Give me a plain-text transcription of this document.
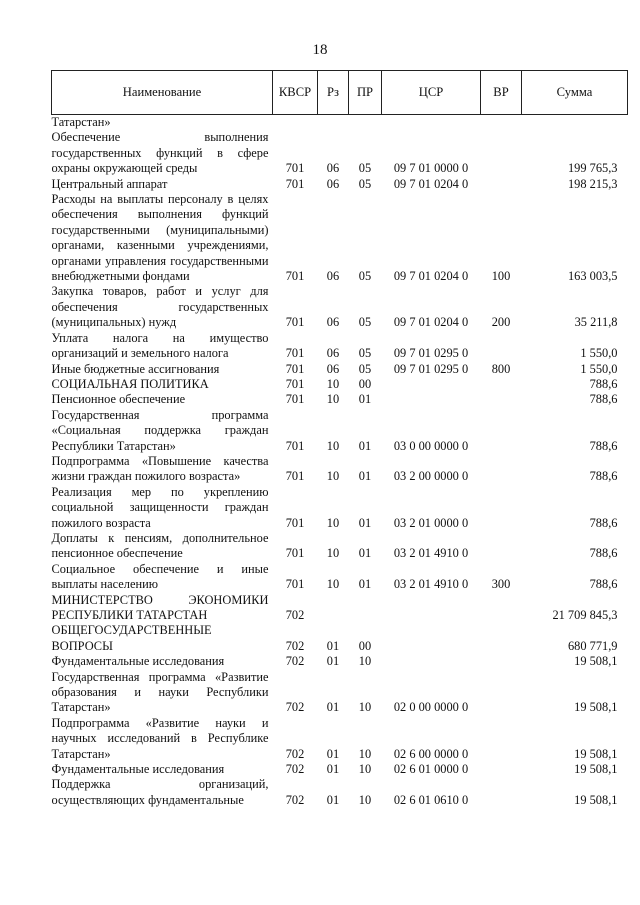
18
Наименование	КВСР	Рз	ПР	ЦСР	ВР	Сумма
Татарстан»						
Обеспечение выполнения государственных функций в сфере охраны окружающей среды	701	06	05	09 7 01 0000 0		199 765,3
Центральный аппарат	701	06	05	09 7 01 0204 0		198 215,3
Расходы на выплаты персоналу в целях обеспечения выполнения функций государственными (муниципальными) органами, казенными учреждениями, органами управления государственными внебюджетными фондами	701	06	05	09 7 01 0204 0	100	163 003,5
Закупка товаров, работ и услуг для обеспечения государственных (муниципальных) нужд	701	06	05	09 7 01 0204 0	200	35 211,8
Уплата налога на имущество организаций и земельного налога	701	06	05	09 7 01 0295 0		1 550,0
Иные бюджетные ассигнования	701	06	05	09 7 01 0295 0	800	1 550,0
СОЦИАЛЬНАЯ ПОЛИТИКА	701	10	00			788,6
Пенсионное обеспечение	701	10	01			788,6
Государственная программа «Социальная поддержка граждан Республики Татарстан»	701	10	01	03 0 00 0000 0		788,6
Подпрограмма «Повышение качества жизни граждан пожилого возраста»	701	10	01	03 2 00 0000 0		788,6
Реализация мер по укреплению социальной защищенности граждан пожилого возраста	701	10	01	03 2 01 0000 0		788,6
Доплаты к пенсиям, дополнительное пенсионное обеспечение	701	10	01	03 2 01 4910 0		788,6
Социальное обеспечение и иные выплаты населению	701	10	01	03 2 01 4910 0	300	788,6
МИНИСТЕРСТВО ЭКОНОМИКИ РЕСПУБЛИКИ ТАТАРСТАН	702					21 709 845,3
ОБЩЕГОСУДАРСТВЕННЫЕ ВОПРОСЫ	702	01	00			680 771,9
Фундаментальные исследования	702	01	10			19 508,1
Государственная программа «Развитие образования и науки Республики Татарстан»	702	01	10	02 0 00 0000 0		19 508,1
Подпрограмма «Развитие науки и научных исследований в Республике Татарстан»	702	01	10	02 6 00 0000 0		19 508,1
Фундаментальные исследования	702	01	10	02 6 01 0000 0		19 508,1
Поддержка организаций, осуществляющих фундаментальные	702	01	10	02 6 01 0610 0		19 508,1
